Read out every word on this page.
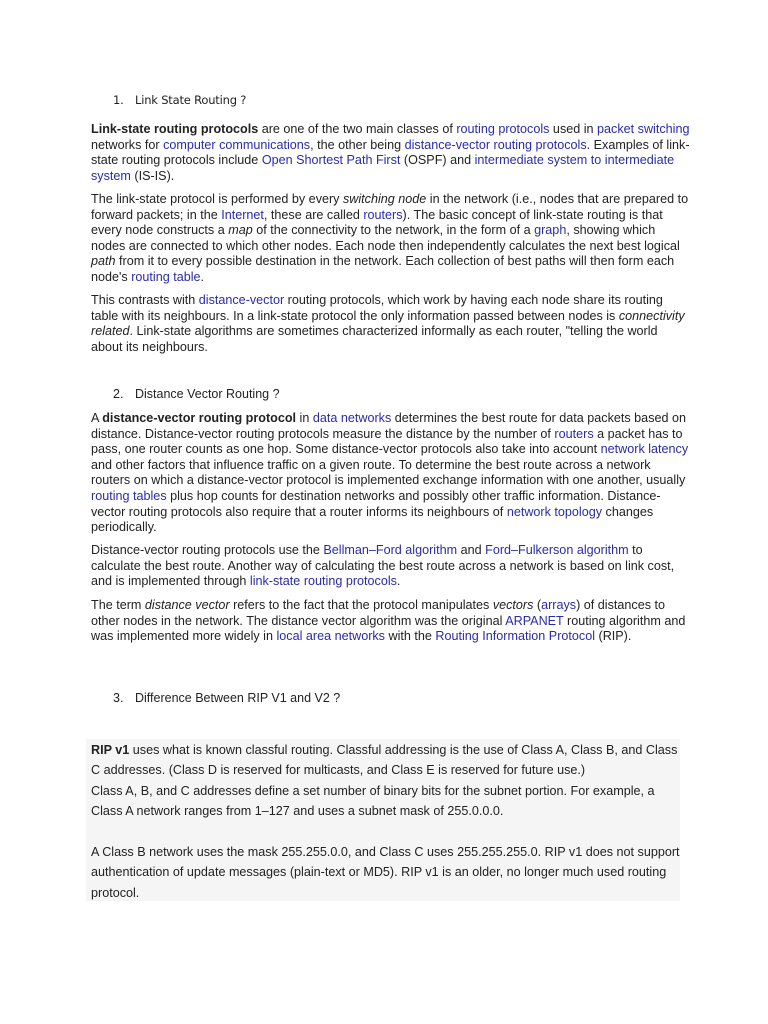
1. Link State Routing ?

Link-state routing protocols are one of the two main classes of routing protocols used in packet switching networks for computer communications, the other being distance-vector routing protocols. Examples of link-state routing protocols include Open Shortest Path First (OSPF) and intermediate system to intermediate system (IS-IS).

The link-state protocol is performed by every switching node in the network (i.e., nodes that are prepared to forward packets; in the Internet, these are called routers). The basic concept of link-state routing is that every node constructs a map of the connectivity to the network, in the form of a graph, showing which nodes are connected to which other nodes. Each node then independently calculates the next best logical path from it to every possible destination in the network. Each collection of best paths will then form each node's routing table.

This contrasts with distance-vector routing protocols, which work by having each node share its routing table with its neighbours. In a link-state protocol the only information passed between nodes is connectivity related. Link-state algorithms are sometimes characterized informally as each router, "telling the world about its neighbours.

2. Distance Vector Routing ?

A distance-vector routing protocol in data networks determines the best route for data packets based on distance. Distance-vector routing protocols measure the distance by the number of routers a packet has to pass, one router counts as one hop. Some distance-vector protocols also take into account network latency and other factors that influence traffic on a given route. To determine the best route across a network routers on which a distance-vector protocol is implemented exchange information with one another, usually routing tables plus hop counts for destination networks and possibly other traffic information. Distance-vector routing protocols also require that a router informs its neighbours of network topology changes periodically.

Distance-vector routing protocols use the Bellman–Ford algorithm and Ford–Fulkerson algorithm to calculate the best route. Another way of calculating the best route across a network is based on link cost, and is implemented through link-state routing protocols.

The term distance vector refers to the fact that the protocol manipulates vectors (arrays) of distances to other nodes in the network. The distance vector algorithm was the original ARPANET routing algorithm and was implemented more widely in local area networks with the Routing Information Protocol (RIP).

3. Difference Between RIP V1 and V2 ?

RIP v1 uses what is known classful routing. Classful addressing is the use of Class A, Class B, and Class C addresses. (Class D is reserved for multicasts, and Class E is reserved for future use.)
Class A, B, and C addresses define a set number of binary bits for the subnet portion. For example, a Class A network ranges from 1–127 and uses a subnet mask of 255.0.0.0.

A Class B network uses the mask 255.255.0.0, and Class C uses 255.255.255.0. RIP v1 does not support authentication of update messages (plain-text or MD5). RIP v1 is an older, no longer much used routing protocol.
